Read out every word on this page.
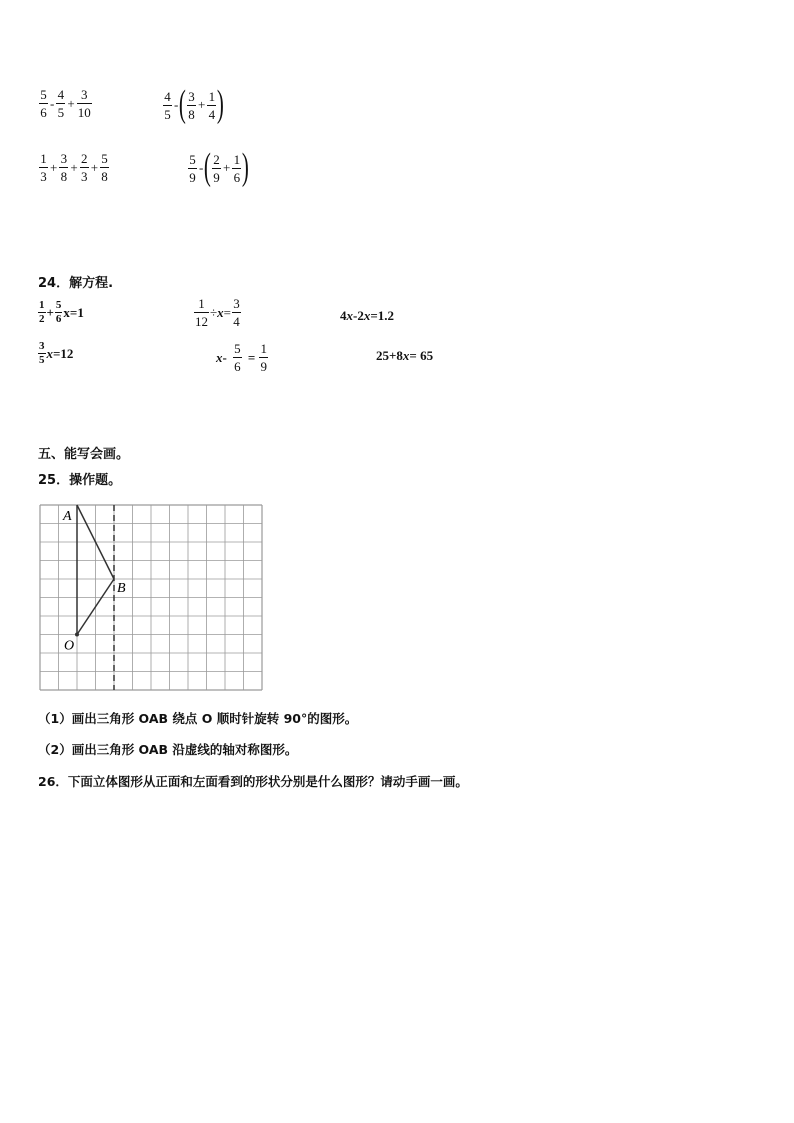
$\frac{5}{6} - \frac{4}{5} + \frac{3}{10}$	$\frac{4}{5}$ - ( $\frac{3}{8} + \frac{1}{4}$ )
$\frac{1}{3} + \frac{3}{8} + \frac{2}{3} + \frac{5}{8}$	$\frac{5}{9}$ - ( $\frac{2}{9} + \frac{1}{6}$ )
24．解方程.
$\frac{1}{2} + \frac{5}{6} x=1$	$\frac{1}{12} \div x = \frac{3}{4}$	4 x -2 x =1.2
$\frac{3}{5}$ x =12	$x - \frac{5}{6} = \frac{1}{9}$	25+8 x = 65
五、能写会画。
25．操作题。
A
B
O
（1）画出三角形 OAB 绕点 O 顺时针旋转 90°的图形。
（2）画出三角形 OAB 沿虚线的轴对称图形。
26．下面立体图形从正面和左面看到的形状分别是什么图形？请动手画一画。
